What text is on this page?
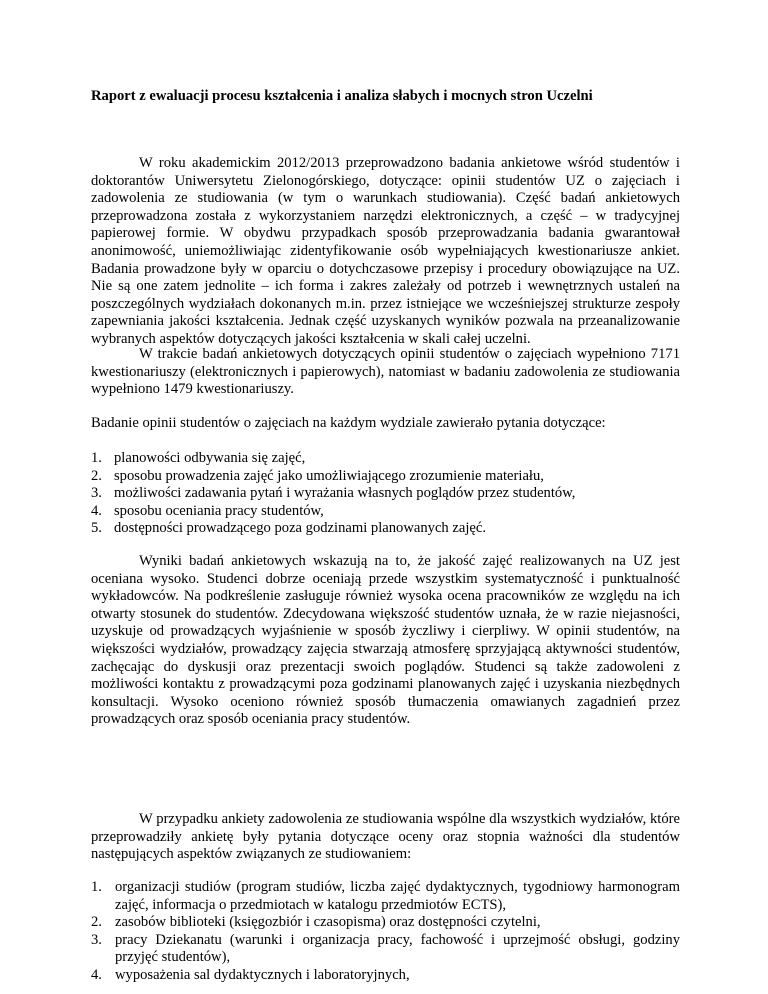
Raport z ewaluacji procesu kształcenia i analiza słabych i mocnych stron Uczelni

W roku akademickim 2012/2013 przeprowadzono badania ankietowe wśród studentów i doktorantów Uniwersytetu Zielonogórskiego, dotyczące: opinii studentów UZ o zajęciach i zadowolenia ze studiowania (w tym o warunkach studiowania). Część badań ankietowych przeprowadzona została z wykorzystaniem narzędzi elektronicznych, a część – w tradycyjnej papierowej formie. W obydwu przypadkach sposób przeprowadzania badania gwarantował anonimowość, uniemożliwiając zidentyfikowanie osób wypełniających kwestionariusze ankiet. Badania prowadzone były w oparciu o dotychczasowe przepisy i procedury obowiązujące na UZ. Nie są one zatem jednolite – ich forma i zakres zależały od potrzeb i wewnętrznych ustaleń na poszczególnych wydziałach dokonanych m.in. przez istniejące we wcześniejszej strukturze zespoły zapewniania jakości kształcenia. Jednak część uzyskanych wyników pozwala na przeanalizowanie wybranych aspektów dotyczących jakości kształcenia w skali całej uczelni.

W trakcie badań ankietowych dotyczących opinii studentów o zajęciach wypełniono 7171 kwestionariuszy (elektronicznych i papierowych), natomiast w badaniu zadowolenia ze studiowania wypełniono 1479 kwestionariuszy.

Badanie opinii studentów o zajęciach na każdym wydziale zawierało pytania dotyczące:

1. planowości odbywania się zajęć,
2. sposobu prowadzenia zajęć jako umożliwiającego zrozumienie materiału,
3. możliwości zadawania pytań i wyrażania własnych poglądów przez studentów,
4. sposobu oceniania pracy studentów,
5. dostępności prowadzącego poza godzinami planowanych zajęć.

Wyniki badań ankietowych wskazują na to, że jakość zajęć realizowanych na UZ jest oceniana wysoko. Studenci dobrze oceniają przede wszystkim systematyczność i punktualność wykładowców. Na podkreślenie zasługuje również wysoka ocena pracowników ze względu na ich otwarty stosunek do studentów. Zdecydowana większość studentów uznała, że w razie niejasności, uzyskuje od prowadzących wyjaśnienie w sposób życzliwy i cierpliwy. W opinii studentów, na większości wydziałów, prowadzący zajęcia stwarzają atmosferę sprzyjającą aktywności studentów, zachęcając do dyskusji oraz prezentacji swoich poglądów. Studenci są także zadowoleni z możliwości kontaktu z prowadzącymi poza godzinami planowanych zajęć i uzyskania niezbędnych konsultacji. Wysoko oceniono również sposób tłumaczenia omawianych zagadnień przez prowadzących oraz sposób oceniania pracy studentów.

W przypadku ankiety zadowolenia ze studiowania wspólne dla wszystkich wydziałów, które przeprowadziły ankietę były pytania dotyczące oceny oraz stopnia ważności dla studentów następujących aspektów związanych ze studiowaniem:

1. organizacji studiów (program studiów, liczba zajęć dydaktycznych, tygodniowy harmonogram zajęć, informacja o przedmiotach w katalogu przedmiotów ECTS),
2. zasobów biblioteki (księgozbiór i czasopisma) oraz dostępności czytelni,
3. pracy Dziekanatu (warunki i organizacja pracy, fachowość i uprzejmość obsługi, godziny przyjęć studentów),
4. wyposażenia sal dydaktycznych i laboratoryjnych,
